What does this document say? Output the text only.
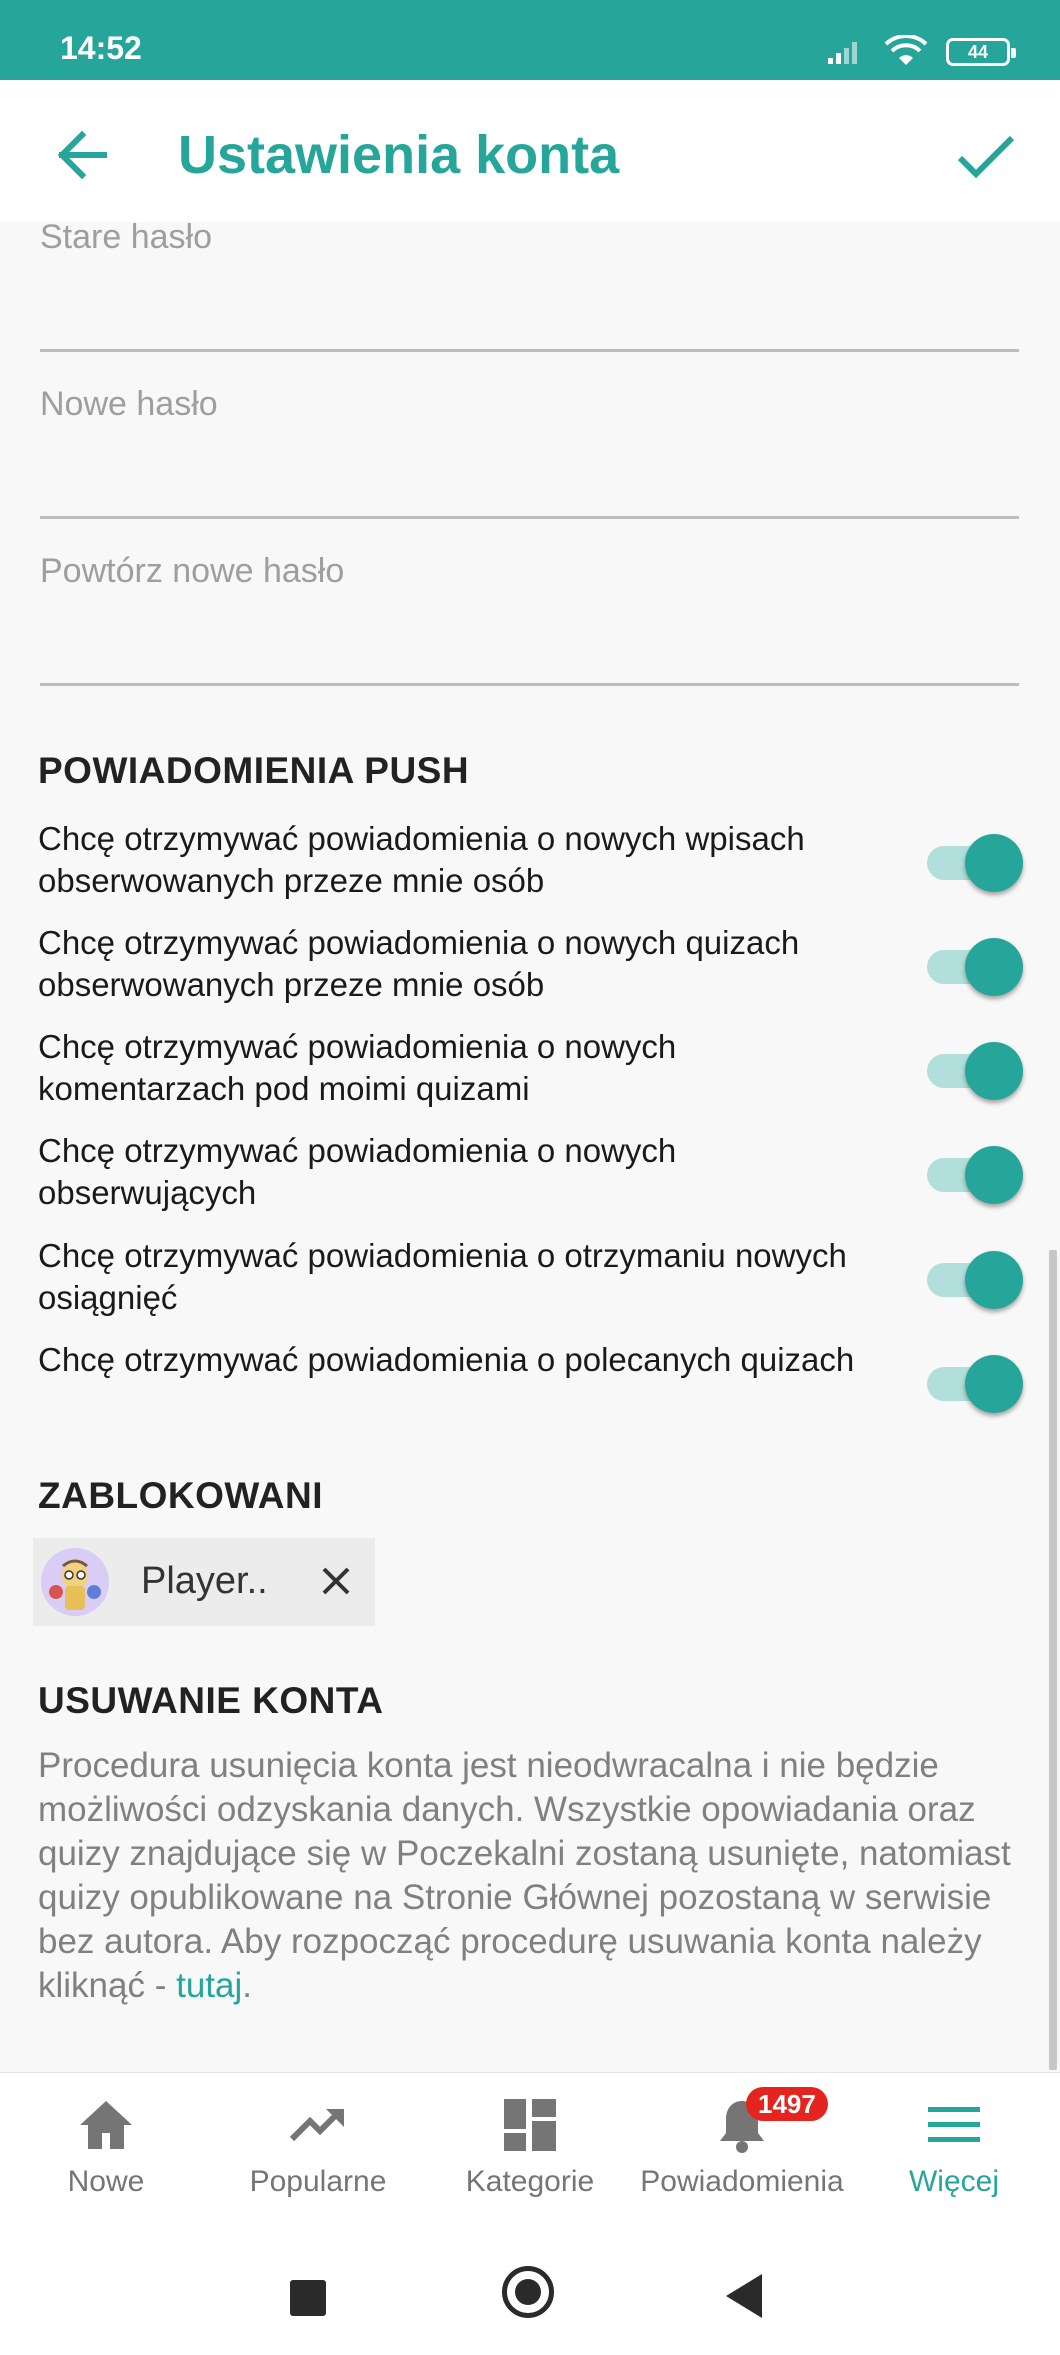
14:52	44
Ustawienia konta
Stare hasło
Nowe hasło
Powtórz nowe hasło
POWIADOMIENIA PUSH
Chcę otrzymywać powiadomienia o nowych wpisach obserwowanych przeze mnie osób
Chcę otrzymywać powiadomienia o nowych quizach obserwowanych przeze mnie osób
Chcę otrzymywać powiadomienia o nowych komentarzach pod moimi quizami
Chcę otrzymywać powiadomienia o nowych obserwujących
Chcę otrzymywać powiadomienia o otrzymaniu nowych osiągnięć
Chcę otrzymywać powiadomienia o polecanych quizach
ZABLOKOWANI
Player..
USUWANIE KONTA
Procedura usunięcia konta jest nieodwracalna i nie będzie możliwości odzyskania danych. Wszystkie opowiadania oraz quizy znajdujące się w Poczekalni zostaną usunięte, natomiast quizy opublikowane na Stronie Głównej pozostaną w serwisie bez autora. Aby rozpocząć procedurę usuwania konta należy kliknąć - tutaj.
Nowe	Popularne	Kategorie
1497
Powiadomienia	Więcej
